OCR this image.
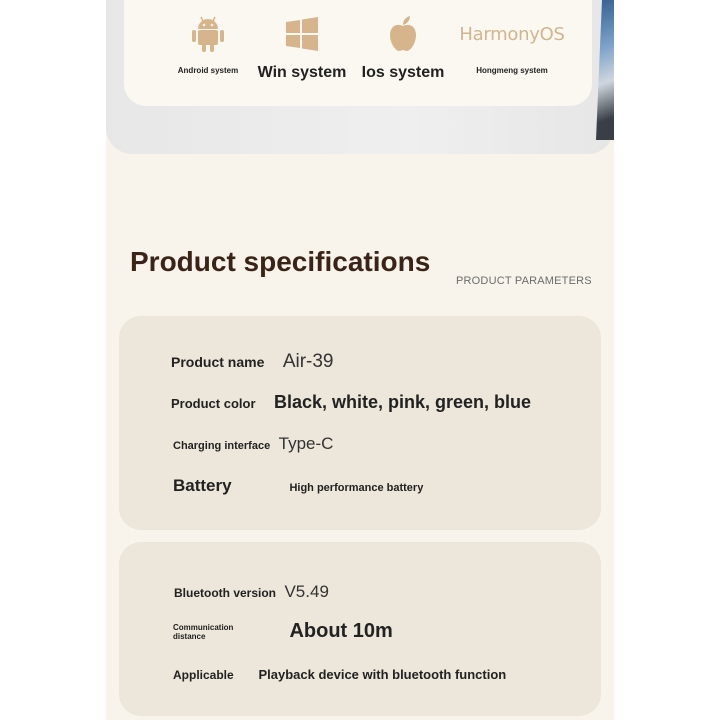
Android system Win system Ios system
HarmonyOS
Hongmeng system
Product specifications
PRODUCT PARAMETERS
Product name Air-39
Product color Black, white, pink, green, blue
Charging interface Type-C
Battery	High performance battery
Bluetooth version V5.49
Communication
distance	About 10m
Applicable Playback device with bluetooth function
